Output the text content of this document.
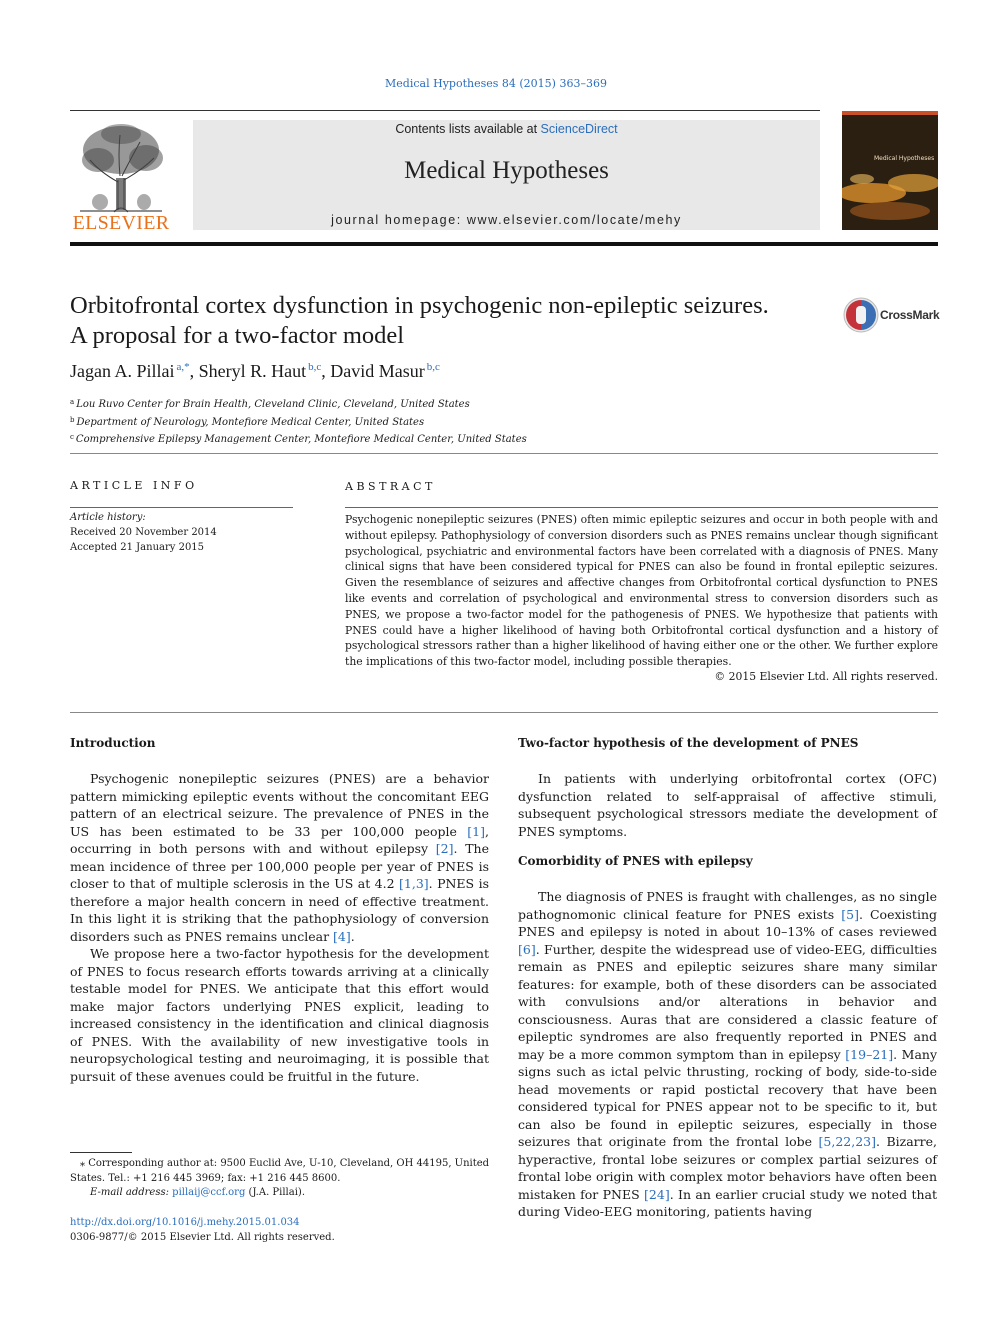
Medical Hypotheses 84 (2015) 363–369
ELSEVIER
Contents lists available at ScienceDirect
Medical Hypotheses
journal homepage: www.elsevier.com/locate/mehy
Medical Hypotheses
Orbitofrontal cortex dysfunction in psychogenic non-epileptic seizures.
A proposal for a two-factor model
CrossMark
Jagan A. Pillai $^{a,*}$, Sheryl R. Haut $^{b,c}$, David Masur $^{b,c}$
$^a$ Lou Ruvo Center for Brain Health, Cleveland Clinic, Cleveland, United States
$^b$ Department of Neurology, Montefiore Medical Center, United States
$^c$ Comprehensive Epilepsy Management Center, Montefiore Medical Center, United States
ARTICLE INFO
Article history:
Received 20 November 2014
Accepted 21 January 2015
ABSTRACT
Psychogenic nonepileptic seizures (PNES) often mimic epileptic seizures and occur in both people with and without epilepsy. Pathophysiology of conversion disorders such as PNES remains unclear though significant psychological, psychiatric and environmental factors have been correlated with a diagnosis of PNES. Many clinical signs that have been considered typical for PNES can also be found in frontal epileptic seizures. Given the resemblance of seizures and affective changes from Orbitofrontal cortical dysfunction to PNES like events and correlation of psychological and environmental stress to conversion disorders such as PNES, we propose a two-factor model for the pathogenesis of PNES. We hypothesize that patients with PNES could have a higher likelihood of having both Orbitofrontal cortical dysfunction and a history of psychological stressors rather than a higher likelihood of having either one or the other. We further explore the implications of this two-factor model, including possible therapies.
© 2015 Elsevier Ltd. All rights reserved.
Introduction

Psychogenic nonepileptic seizures (PNES) are a behavior pattern mimicking epileptic events without the concomitant EEG pattern of an electrical seizure. The prevalence of PNES in the US has been estimated to be 33 per 100,000 people [1], occurring in both persons with and without epilepsy [2]. The mean incidence of three per 100,000 people per year of PNES is closer to that of multiple sclerosis in the US at 4.2 [1,3]. PNES is therefore a major health concern in need of effective treatment. In this light it is striking that the pathophysiology of conversion disorders such as PNES remains unclear [4].

We propose here a two-factor hypothesis for the development of PNES to focus research efforts towards arriving at a clinically testable model for PNES. We anticipate that this effort would make major factors underlying PNES explicit, leading to increased consistency in the identification and clinical diagnosis of PNES. With the availability of new investigative tools in neuropsychological testing and neuroimaging, it is possible that pursuit of these avenues could be fruitful in the future.

Two-factor hypothesis of the development of PNES

In patients with underlying orbitofrontal cortex (OFC) dysfunction related to self-appraisal of affective stimuli, subsequent psychological stressors mediate the development of PNES symptoms.

Comorbidity of PNES with epilepsy

The diagnosis of PNES is fraught with challenges, as no single pathognomonic clinical feature for PNES exists [5]. Coexisting PNES and epilepsy is noted in about 10–13% of cases reviewed [6]. Further, despite the widespread use of video-EEG, difficulties remain as PNES and epileptic seizures share many similar features: for example, both of these disorders can be associated with convulsions and/or alterations in behavior and consciousness. Auras that are considered a classic feature of epileptic syndromes are also frequently reported in PNES and may be a more common symptom than in epilepsy [19–21]. Many signs such as ictal pelvic thrusting, rocking of body, side-to-side head movements or rapid postictal recovery that have been considered typical for PNES appear not to be specific to it, but can also be found in epileptic seizures, especially in those seizures that originate from the frontal lobe [5,22,23]. Bizarre, hyperactive, frontal lobe seizures or complex partial seizures of frontal lobe origin with complex motor behaviors have often been mistaken for PNES [24]. In an earlier crucial study we noted that during Video-EEG monitoring, patients having

⁎ Corresponding author at: 9500 Euclid Ave, U-10, Cleveland, OH 44195, United States. Tel.: +1 216 445 3969; fax: +1 216 445 8600.
E-mail address: pillaij@ccf.org (J.A. Pillai).
http://dx.doi.org/10.1016/j.mehy.2015.01.034
0306-9877/© 2015 Elsevier Ltd. All rights reserved.
